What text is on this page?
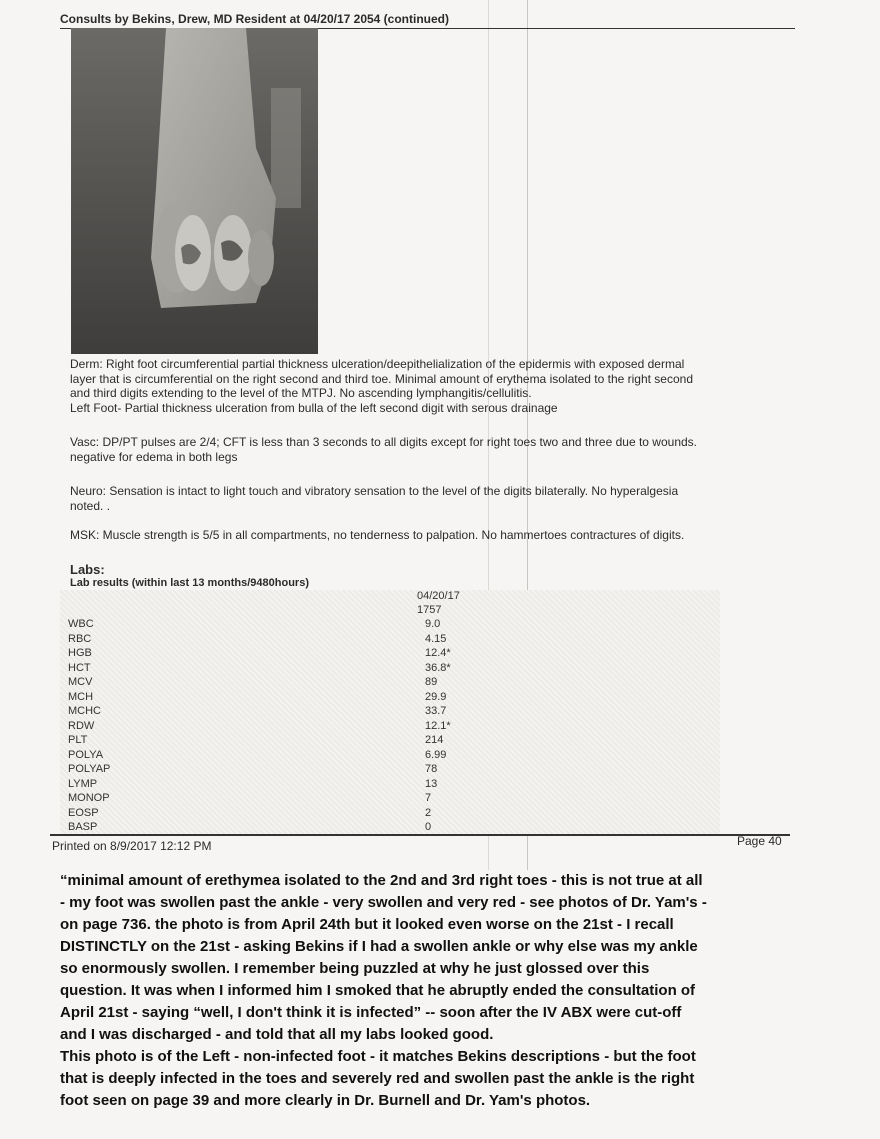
Consults by Bekins, Drew, MD Resident at 04/20/17 2054 (continued)
Derm: Right foot circumferential partial thickness ulceration/deepithelialization of the epidermis with exposed dermal
layer that is circumferential on the right second and third toe. Minimal amount of erythema isolated to the right second
and third digits extending to the level of the MTPJ. No ascending lymphangitis/cellulitis.
Left Foot- Partial thickness ulceration from bulla of the left second digit with serous drainage
Vasc: DP/PT pulses are 2/4; CFT is less than 3 seconds to all digits except for right toes two and three due to wounds.
negative for edema in both legs
Neuro: Sensation is intact to light touch and vibratory sensation to the level of the digits bilaterally. No hyperalgesia
noted. .
MSK: Muscle strength is 5/5 in all compartments, no tenderness to palpation. No hammertoes contractures of digits.
Labs:
Lab results (within last 13 months/9480hours)
04/20/17
1757
WBC	9.0
RBC	4.15
HGB	12.4*
HCT	36.8*
MCV	89
MCH	29.9
MCHC	33.7
RDW	12.1*
PLT	214
POLYA	6.99
POLYAP	78
LYMP	13
MONOP	7
EOSP	2
BASP	0
Printed on 8/9/2017 12:12 PM	Page 40

“minimal amount of erethymea isolated to the 2nd and 3rd right toes - this is not true at all

- my foot was swollen past the ankle - very swollen and very red - see photos of Dr. Yam's -

on page 736. the photo is from April 24th but it looked even worse on the 21st - I recall

DISTINCTLY on the 21st - asking Bekins if I had a swollen ankle or why else was my ankle

so enormously swollen. I remember being puzzled at why he just glossed over this

question. It was when I informed him I smoked that he abruptly ended the consultation of

April 21st - saying “well, I don't think it is infected” -- soon after the IV ABX were cut-off

and I was discharged - and told that all my labs looked good.

This photo is of the Left - non-infected foot - it matches Bekins descriptions - but the foot

that is deeply infected in the toes and severely red and swollen past the ankle is the right

foot seen on page 39 and more clearly in Dr. Burnell and Dr. Yam's photos.
